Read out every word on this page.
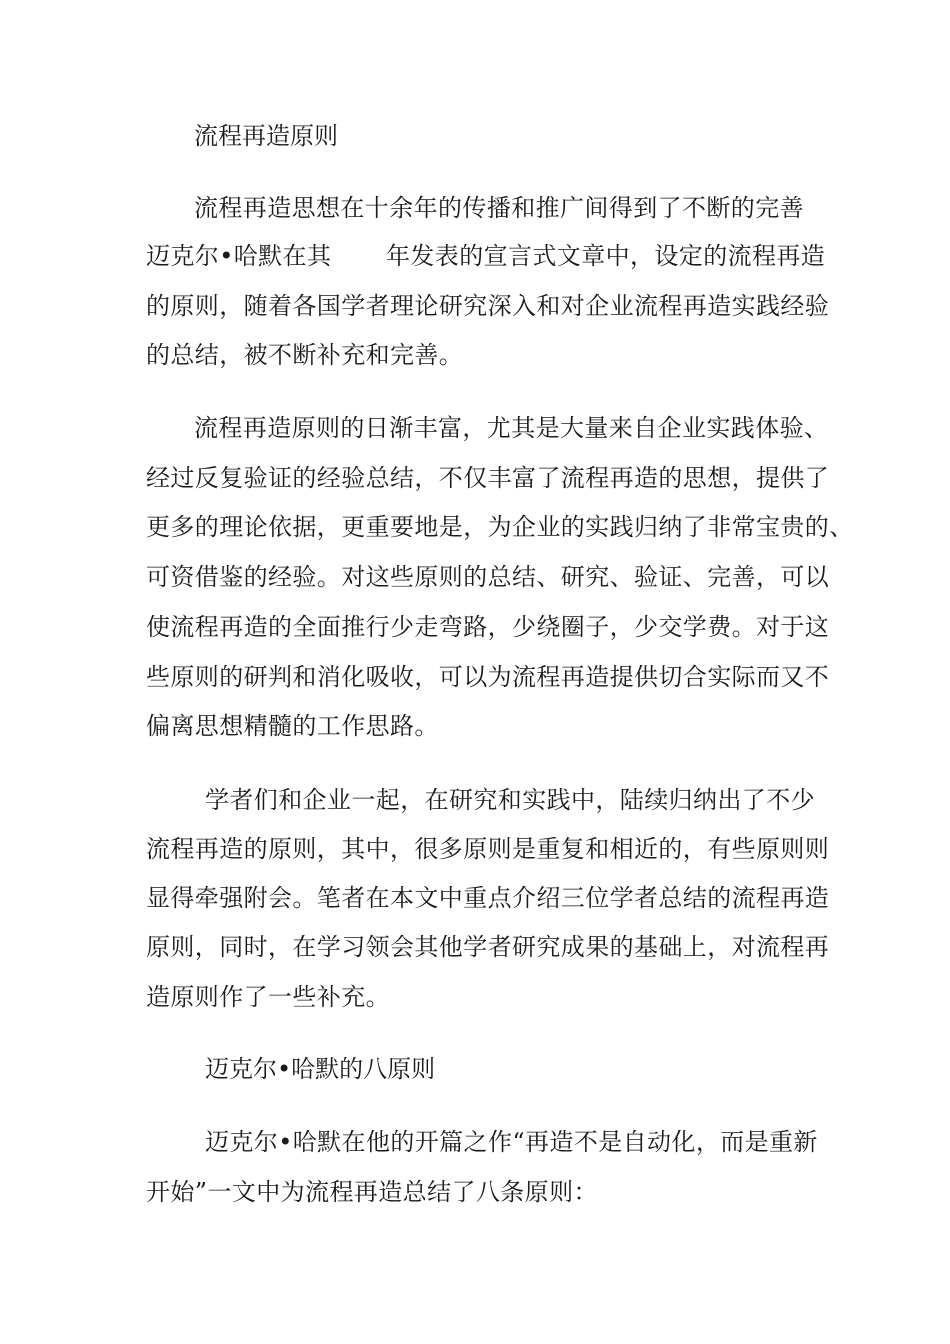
流程再造原则
流程再造思想在十余年的传播和推广间得到了不断的完善
迈克尔•哈默在其 年发表的宣言式文章中，设定的流程再造
的原则，随着各国学者理论研究深入和对企业流程再造实践经验
的总结，被不断补充和完善。
流程再造原则的日渐丰富，尤其是大量来自企业实践体验、
经过反复验证的经验总结，不仅丰富了流程再造的思想，提供了
更多的理论依据，更重要地是，为企业的实践归纳了非常宝贵的、
可资借鉴的经验。对这些原则的总结、研究、验证、完善，可以
使流程再造的全面推行少走弯路，少绕圈子，少交学费。对于这
些原则的研判和消化吸收，可以为流程再造提供切合实际而又不
偏离思想精髓的工作思路。
学者们和企业一起，在研究和实践中，陆续归纳出了不少
流程再造的原则，其中，很多原则是重复和相近的，有些原则则
显得牵强附会。笔者在本文中重点介绍三位学者总结的流程再造
原则，同时，在学习领会其他学者研究成果的基础上，对流程再
造原则作了一些补充。
迈克尔•哈默的八原则
迈克尔•哈默在他的开篇之作“再造不是自动化，而是重新
开始”一文中为流程再造总结了八条原则：
